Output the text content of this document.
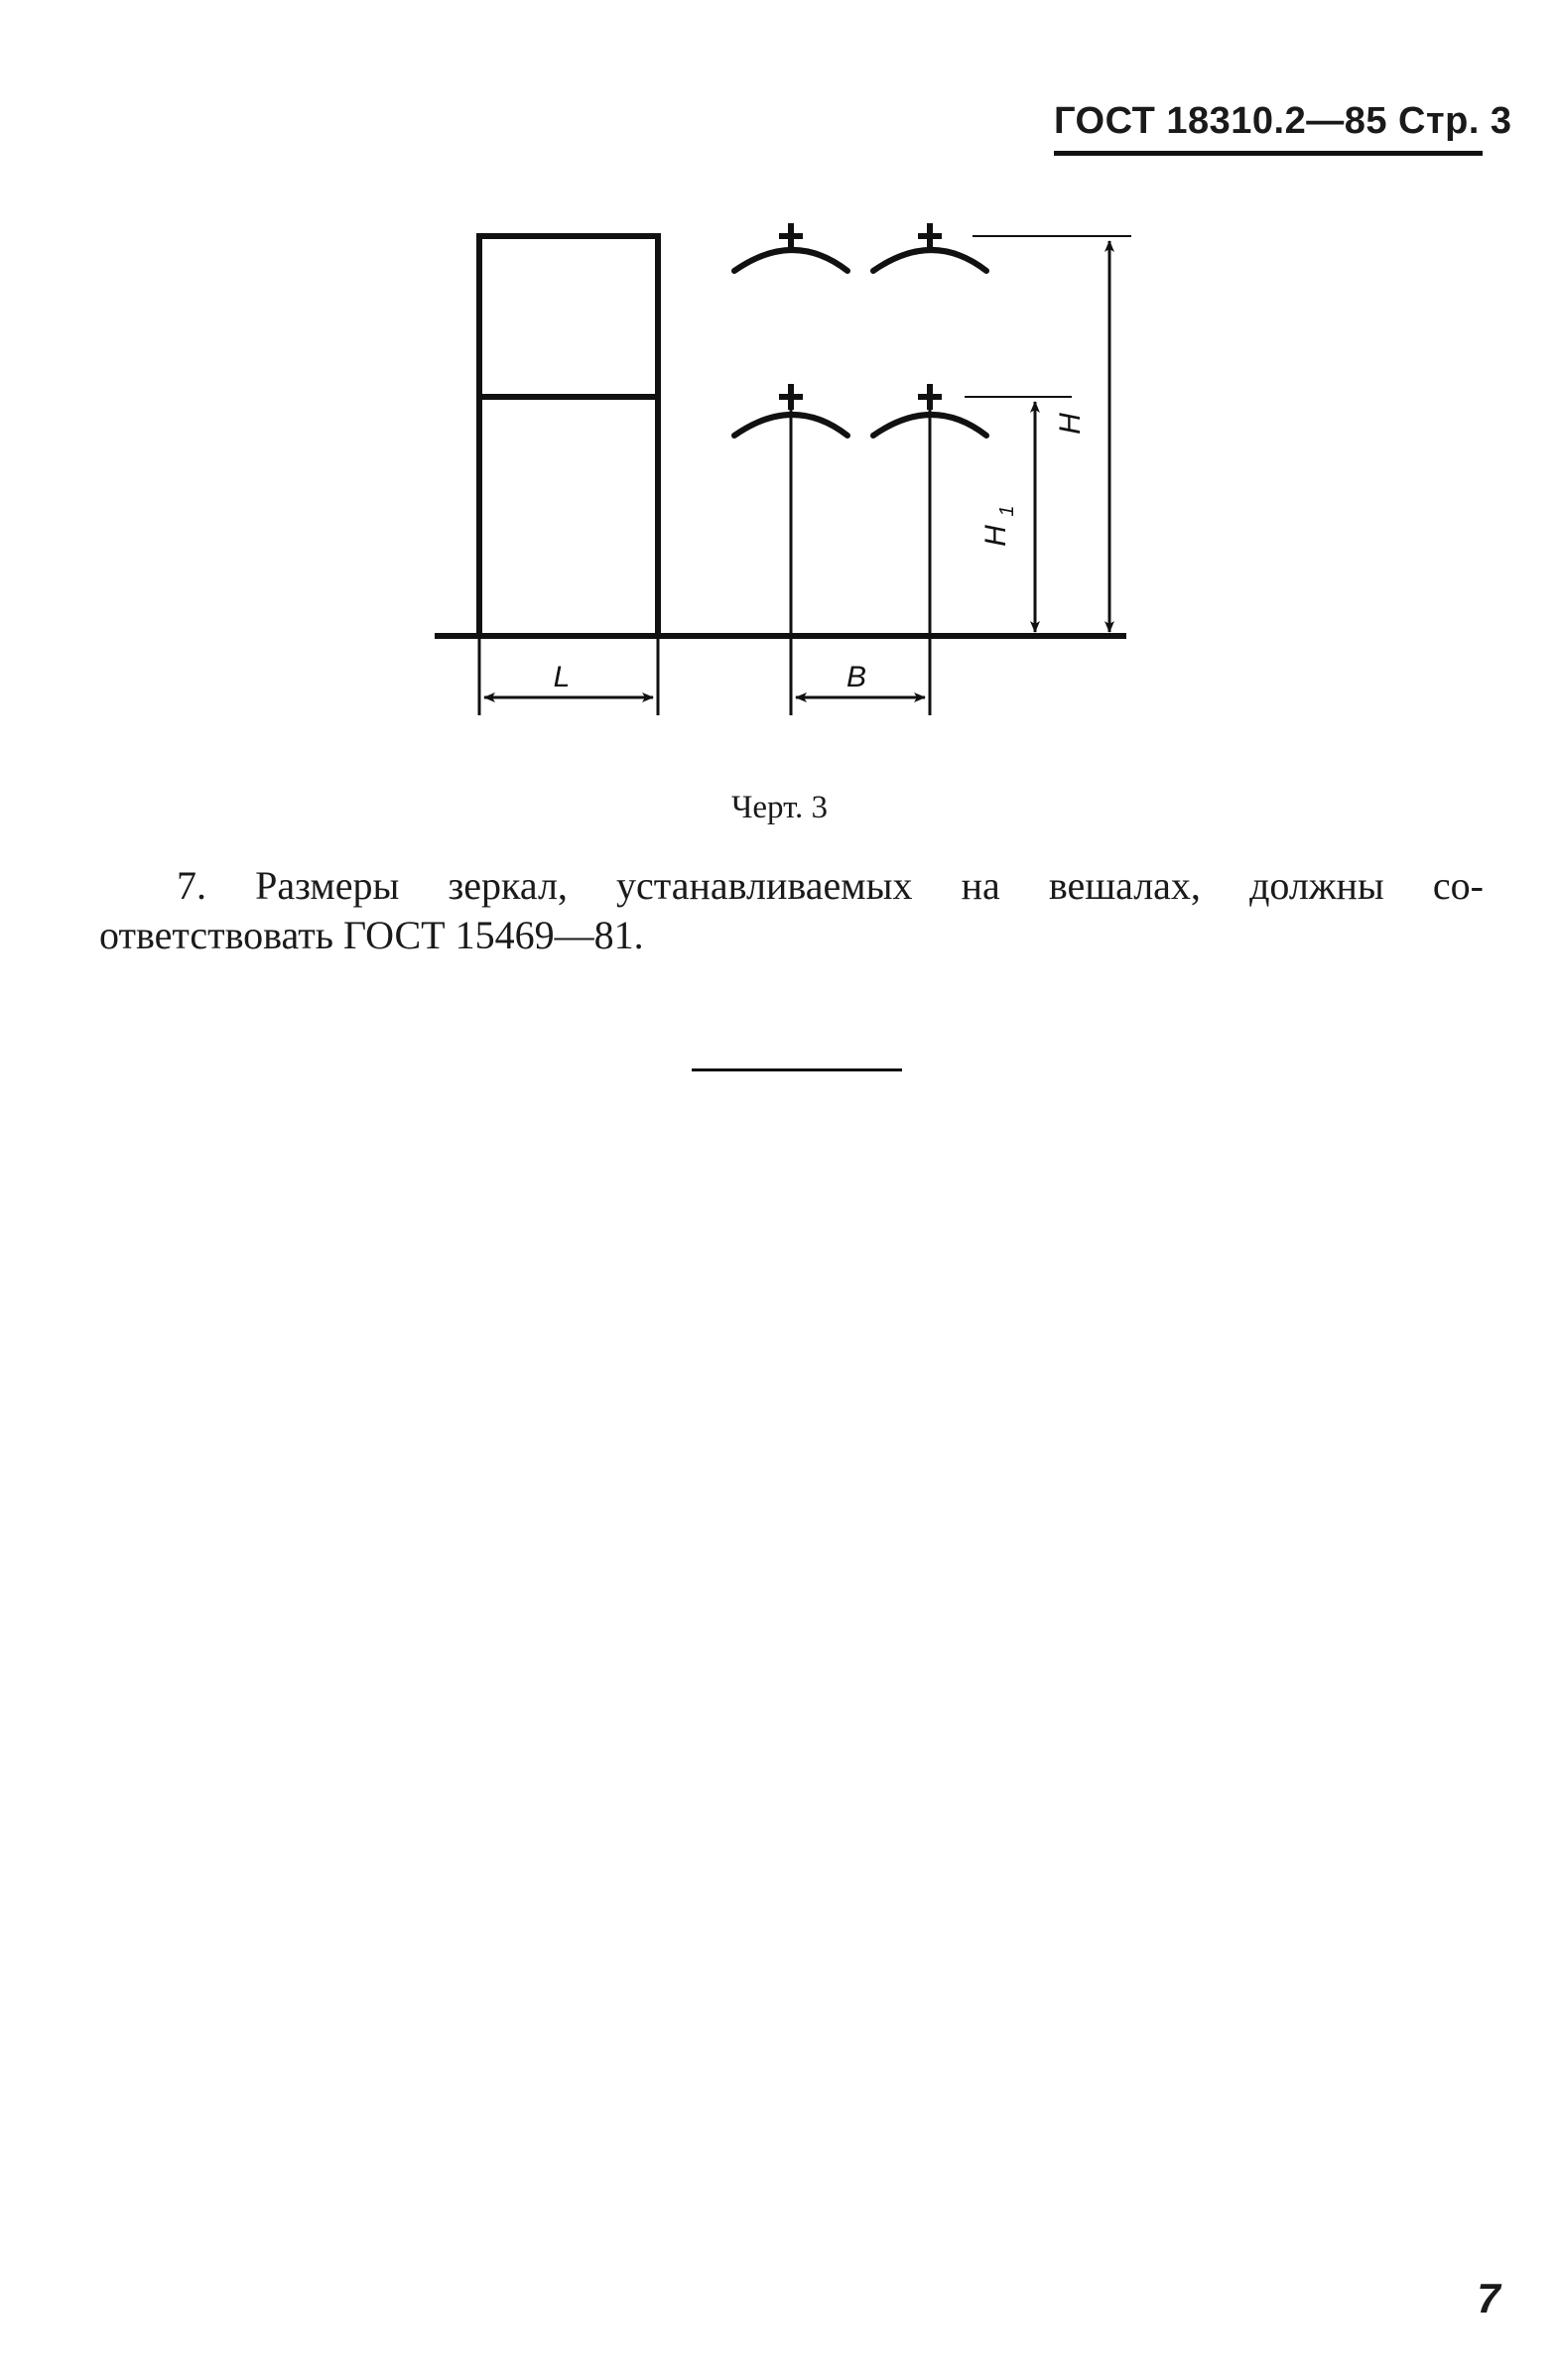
ГОСТ 18310.2—85 Стр. 3
H
H
1
L	B
Черт. 3
7. Размеры зеркал, устанавливаемых на вешалах, должны со-
ответствовать ГОСТ 15469—81.
7
